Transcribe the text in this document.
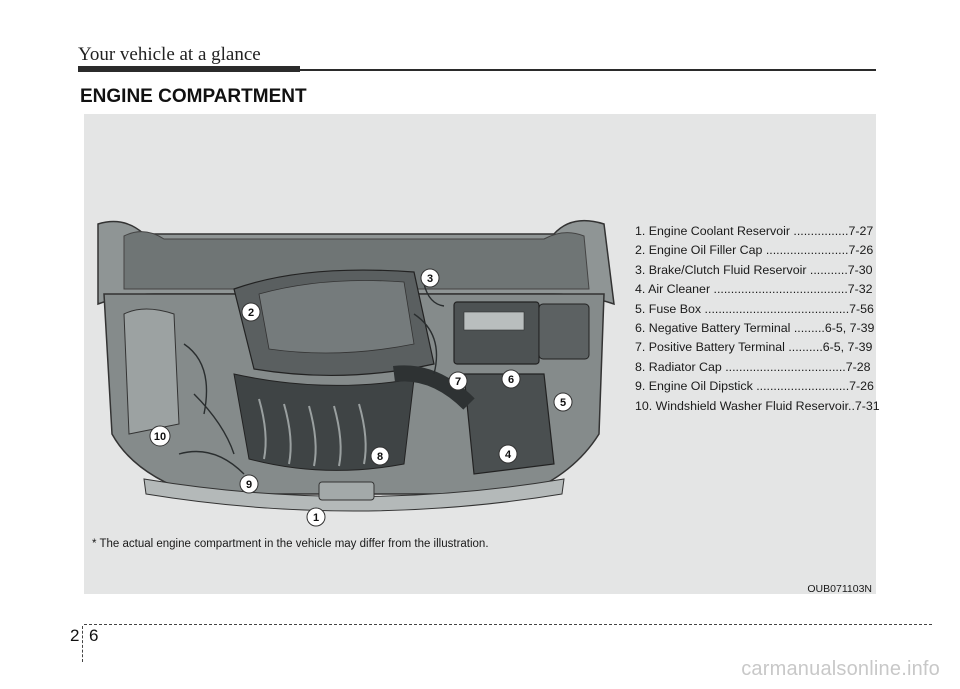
Your vehicle at a glance
ENGINE COMPARTMENT
1
2
3
4
5
6
7
8
9
10
1. Engine Coolant Reservoir ................7-27
2. Engine Oil Filler Cap ........................7-26
3. Brake/Clutch Fluid Reservoir ...........7-30
4. Air Cleaner .......................................7-32
5. Fuse Box ..........................................7-56
6. Negative Battery Terminal .........6-5, 7-39
7. Positive Battery Terminal ..........6-5, 7-39
8. Radiator Cap ...................................7-28
9. Engine Oil Dipstick ...........................7-26
10. Windshield Washer Fluid Reservoir..7-31
* The actual engine compartment in the vehicle may differ from the illustration.
OUB071103N
2 6
carmanualsonline.info
